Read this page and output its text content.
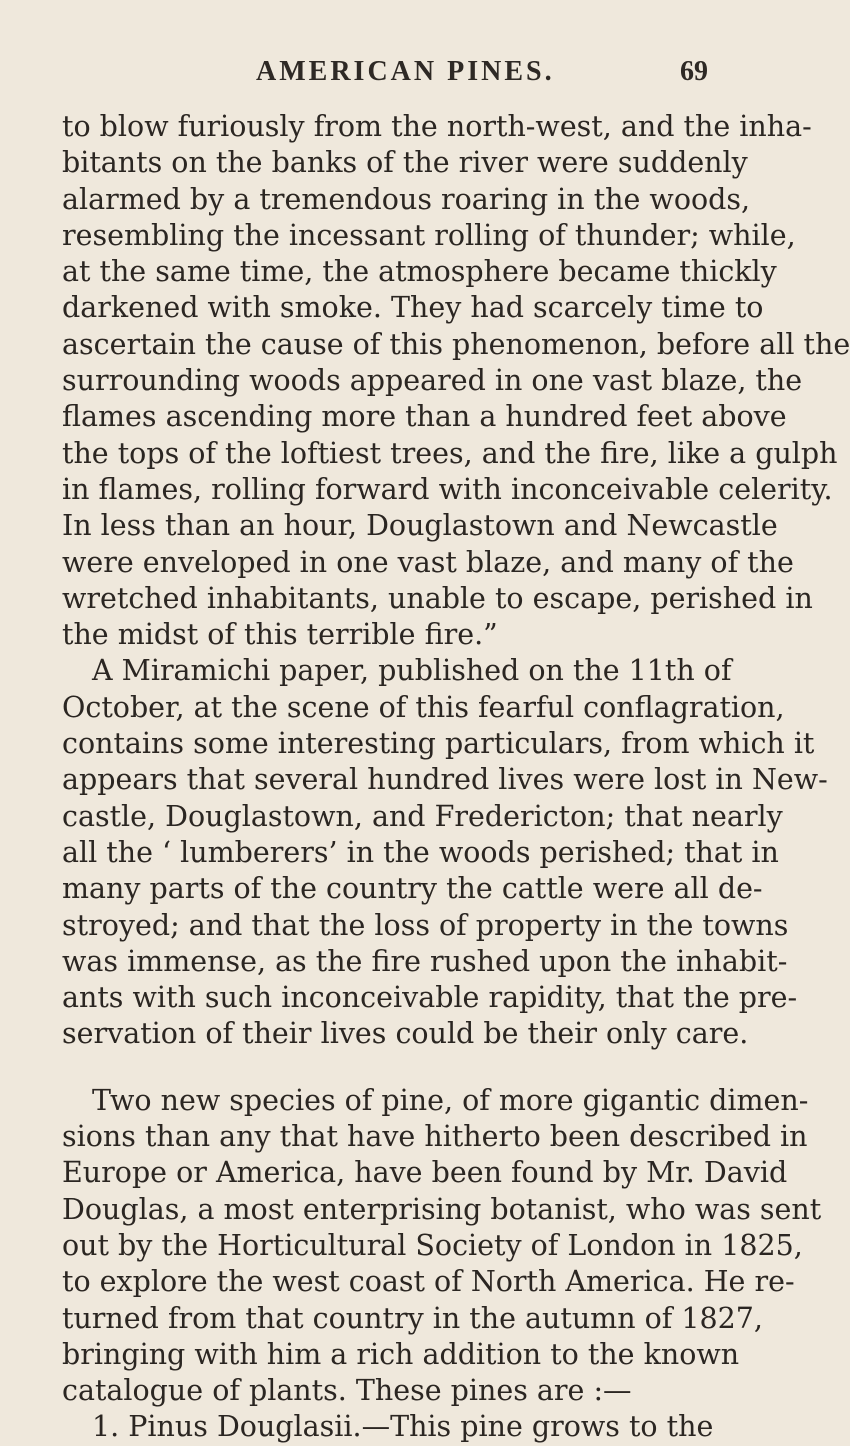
AMERICAN PINES.	69
to blow furiously from the north-west, and the inha-
bitants on the banks of the river were suddenly
alarmed by a tremendous roaring in the woods,
resembling the incessant rolling of thunder; while,
at the same time, the atmosphere became thickly
darkened with smoke. They had scarcely time to
ascertain the cause of this phenomenon, before all the
surrounding woods appeared in one vast blaze, the
flames ascending more than a hundred feet above
the tops of the loftiest trees, and the fire, like a gulph
in flames, rolling forward with inconceivable celerity.
In less than an hour, Douglastown and Newcastle
were enveloped in one vast blaze, and many of the
wretched inhabitants, unable to escape, perished in
the midst of this terrible fire.”
A Miramichi paper, published on the 11th of
October, at the scene of this fearful conflagration,
contains some interesting particulars, from which it
appears that several hundred lives were lost in New-
castle, Douglastown, and Fredericton; that nearly
all the ‘ lumberers’ in the woods perished; that in
many parts of the country the cattle were all de-
stroyed; and that the loss of property in the towns
was immense, as the fire rushed upon the inhabit-
ants with such inconceivable rapidity, that the pre-
servation of their lives could be their only care.
Two new species of pine, of more gigantic dimen-
sions than any that have hitherto been described in
Europe or America, have been found by Mr. David
Douglas, a most enterprising botanist, who was sent
out by the Horticultural Society of London in 1825,
to explore the west coast of North America. He re-
turned from that country in the autumn of 1827,
bringing with him a rich addition to the known
catalogue of plants. These pines are :—
1. Pinus Douglasii.—This pine grows to the
